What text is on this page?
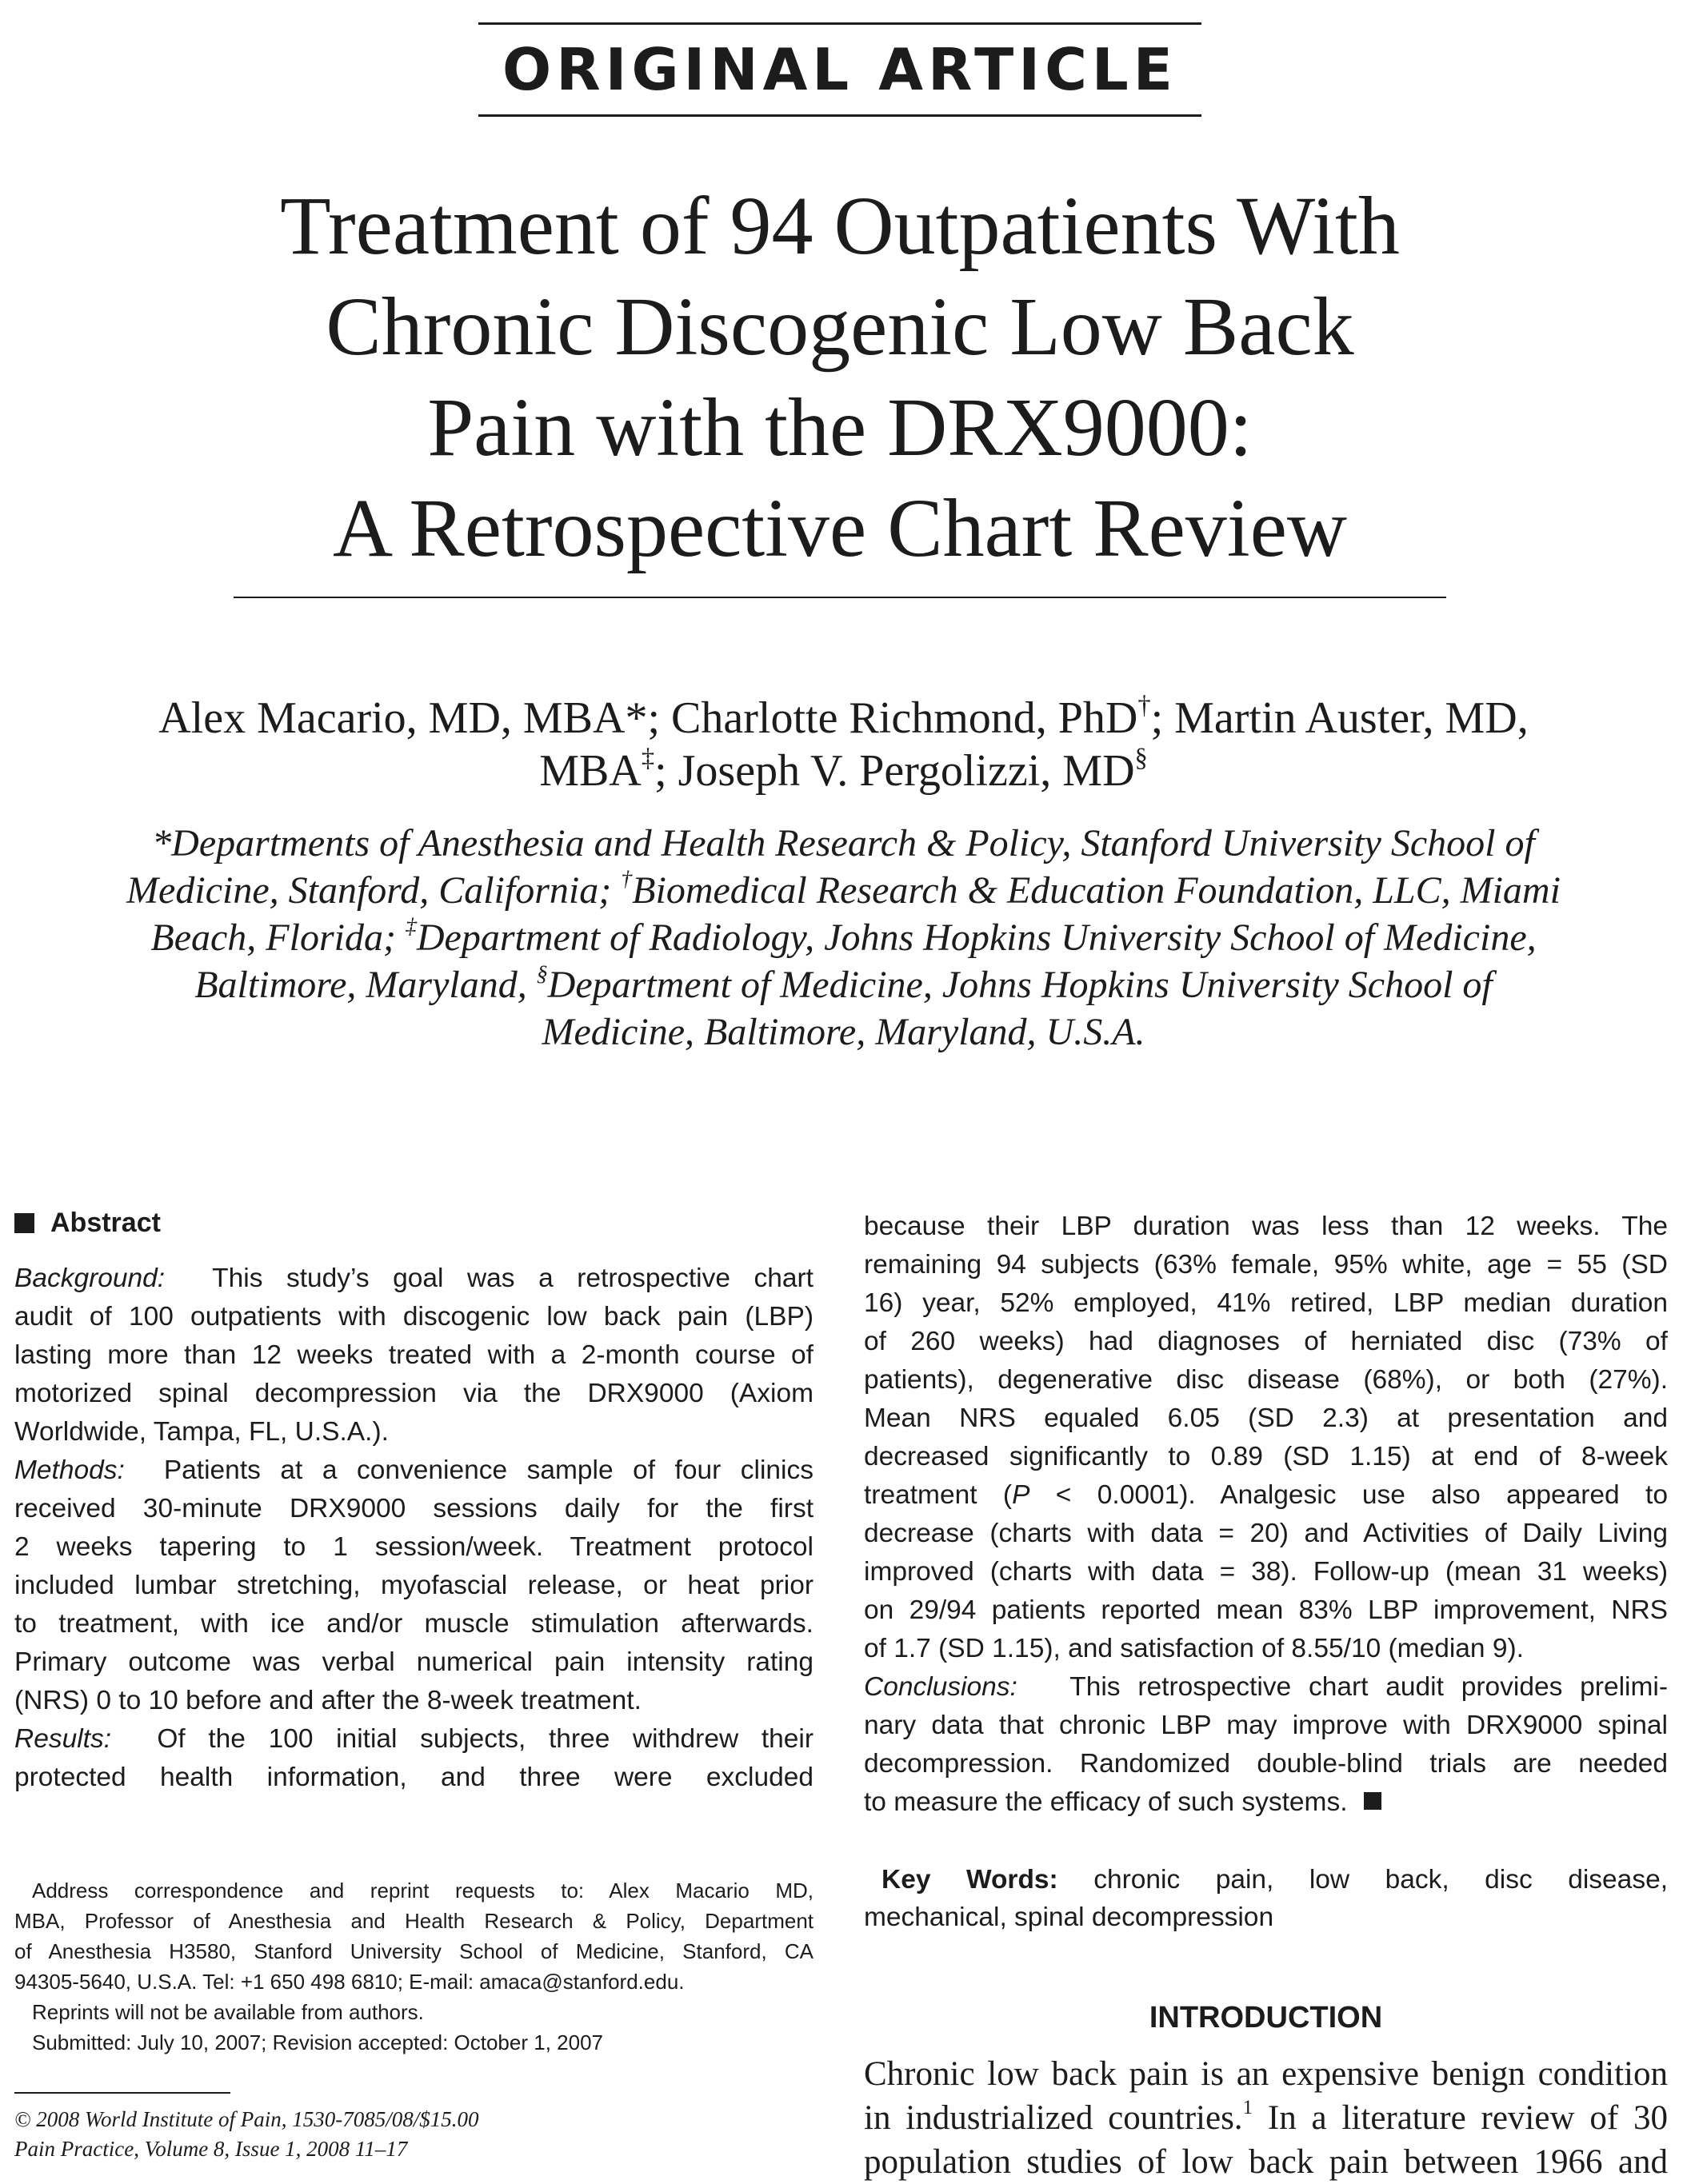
ORIGINAL ARTICLE
Treatment of 94 Outpatients With
Chronic Discogenic Low Back
Pain with the DRX9000:
A Retrospective Chart Review
Alex Macario, MD, MBA*; Charlotte Richmond, PhD†; Martin Auster, MD,
MBA‡; Joseph V. Pergolizzi, MD§
*Departments of Anesthesia and Health Research & Policy, Stanford University School of
Medicine, Stanford, California; †Biomedical Research & Education Foundation, LLC, Miami
Beach, Florida; ‡Department of Radiology, Johns Hopkins University School of Medicine,
Baltimore, Maryland, §Department of Medicine, Johns Hopkins University School of
Medicine, Baltimore, Maryland, U.S.A.
Abstract
Background: This study’s goal was a retrospective chart
audit of 100 outpatients with discogenic low back pain (LBP)
lasting more than 12 weeks treated with a 2-month course of
motorized spinal decompression via the DRX9000 (Axiom
Worldwide, Tampa, FL, U.S.A.).
Methods: Patients at a convenience sample of four clinics
received 30-minute DRX9000 sessions daily for the first
2 weeks tapering to 1 session/week. Treatment protocol
included lumbar stretching, myofascial release, or heat prior
to treatment, with ice and/or muscle stimulation afterwards.
Primary outcome was verbal numerical pain intensity rating
(NRS) 0 to 10 before and after the 8-week treatment.
Results: Of the 100 initial subjects, three withdrew their
protected health information, and three were excluded
because their LBP duration was less than 12 weeks. The
remaining 94 subjects (63% female, 95% white, age = 55 (SD
16) year, 52% employed, 41% retired, LBP median duration
of 260 weeks) had diagnoses of herniated disc (73% of
patients), degenerative disc disease (68%), or both (27%).
Mean NRS equaled 6.05 (SD 2.3) at presentation and
decreased significantly to 0.89 (SD 1.15) at end of 8-week
treatment (P < 0.0001). Analgesic use also appeared to
decrease (charts with data = 20) and Activities of Daily Living
improved (charts with data = 38). Follow-up (mean 31 weeks)
on 29/94 patients reported mean 83% LBP improvement, NRS
of 1.7 (SD 1.15), and satisfaction of 8.55/10 (median 9).
Conclusions: This retrospective chart audit provides prelimi-
nary data that chronic LBP may improve with DRX9000 spinal
decompression. Randomized double-blind trials are needed
to measure the efficacy of such systems.
Address correspondence and reprint requests to: Alex Macario MD,
MBA, Professor of Anesthesia and Health Research & Policy, Department
of Anesthesia H3580, Stanford University School of Medicine, Stanford, CA
94305-5640, U.S.A. Tel: +1 650 498 6810; E-mail: amaca@stanford.edu.
Reprints will not be available from authors.
Submitted: July 10, 2007; Revision accepted: October 1, 2007
© 2008 World Institute of Pain, 1530-7085/08/$15.00
Pain Practice, Volume 8, Issue 1, 2008 11–17
Key Words: chronic pain, low back, disc disease,
mechanical, spinal decompression
INTRODUCTION
Chronic low back pain is an expensive benign condition
in industrialized countries.$^1$ In a literature review of 30
population studies of low back pain between 1966 and
